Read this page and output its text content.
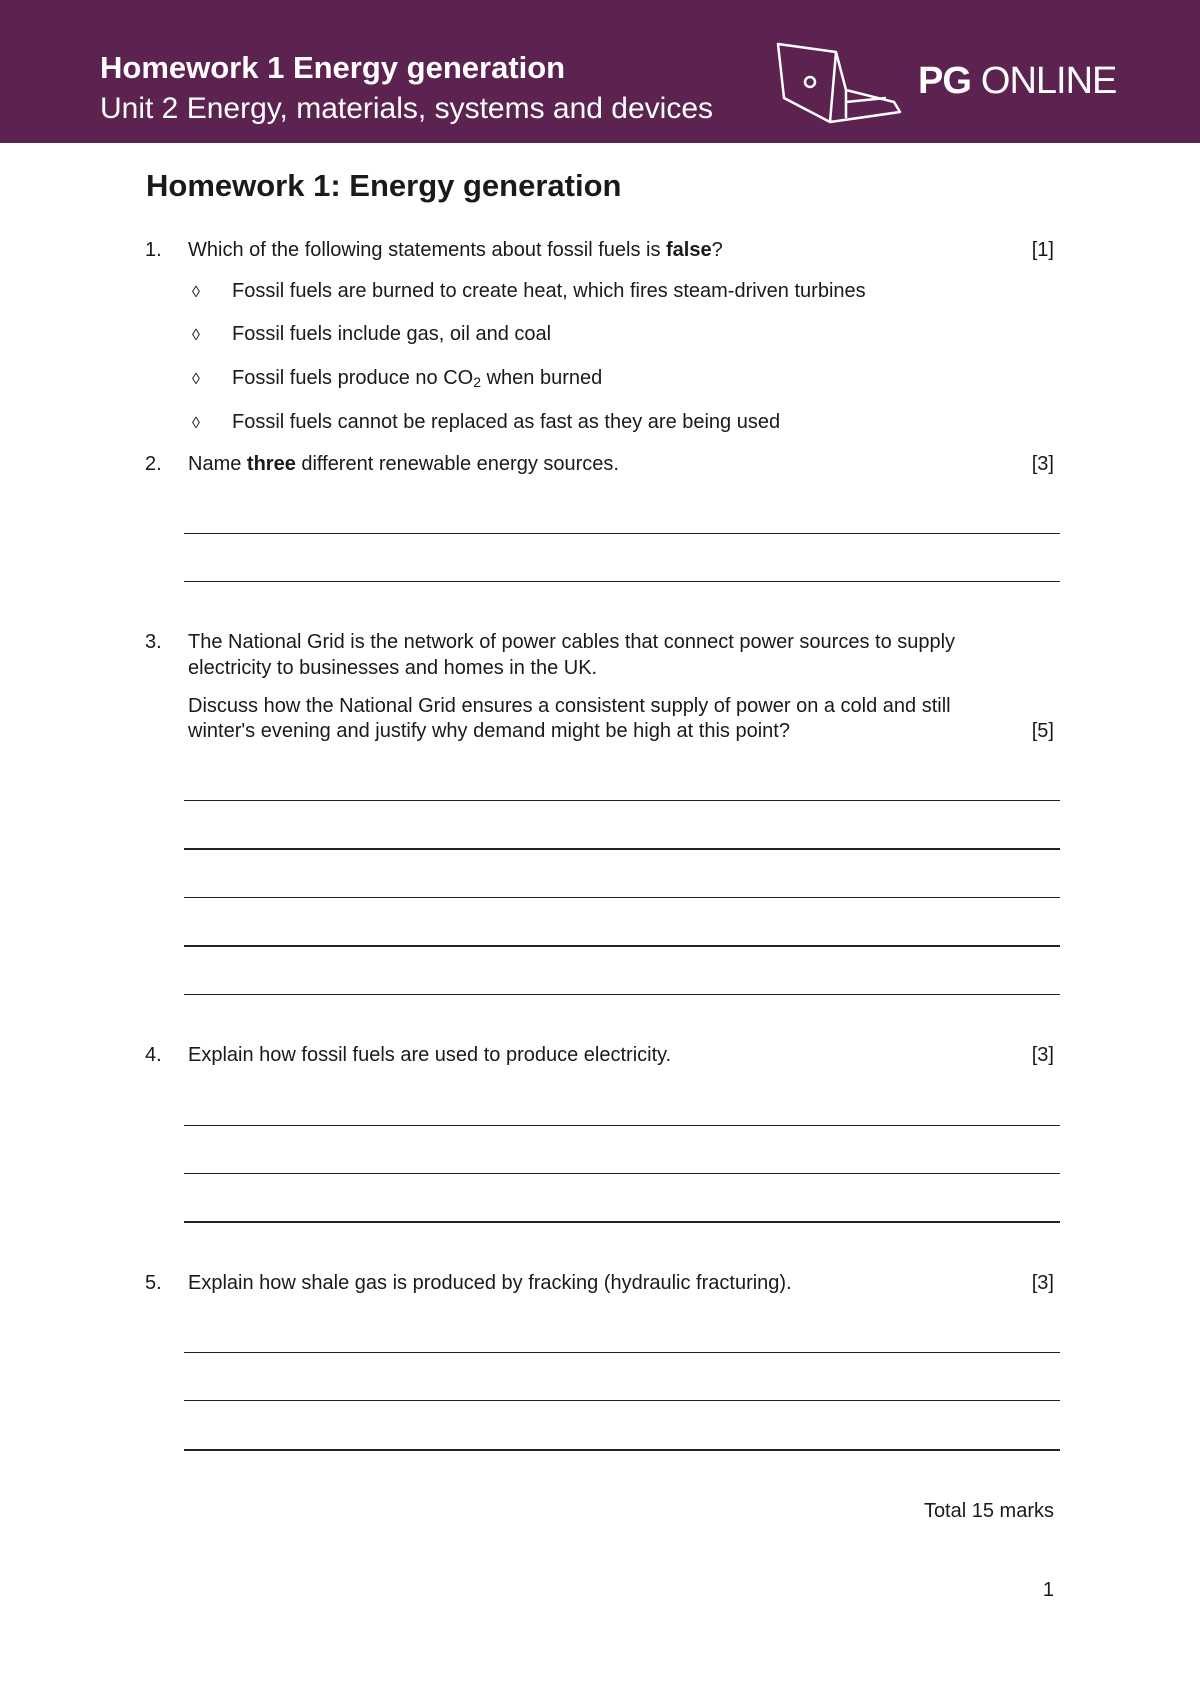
Homework 1 Energy generation
Unit 2 Energy, materials, systems and devices
PG ONLINE
Homework 1: Energy generation
1. Which of the following statements about fossil fuels is false?	[1]
◊ Fossil fuels are burned to create heat, which fires steam-driven turbines
◊ Fossil fuels include gas, oil and coal
◊ Fossil fuels produce no $CO_2$ when burned
◊ Fossil fuels cannot be replaced as fast as they are being used
2. Name three different renewable energy sources.	[3]
3. The National Grid is the network of power cables that connect power sources to supply
electricity to businesses and homes in the UK.
Discuss how the National Grid ensures a consistent supply of power on a cold and still
winter's evening and justify why demand might be high at this point?	[5]
4. Explain how fossil fuels are used to produce electricity.	[3]
5. Explain how shale gas is produced by fracking (hydraulic fracturing).	[3]
Total 15 marks
1
